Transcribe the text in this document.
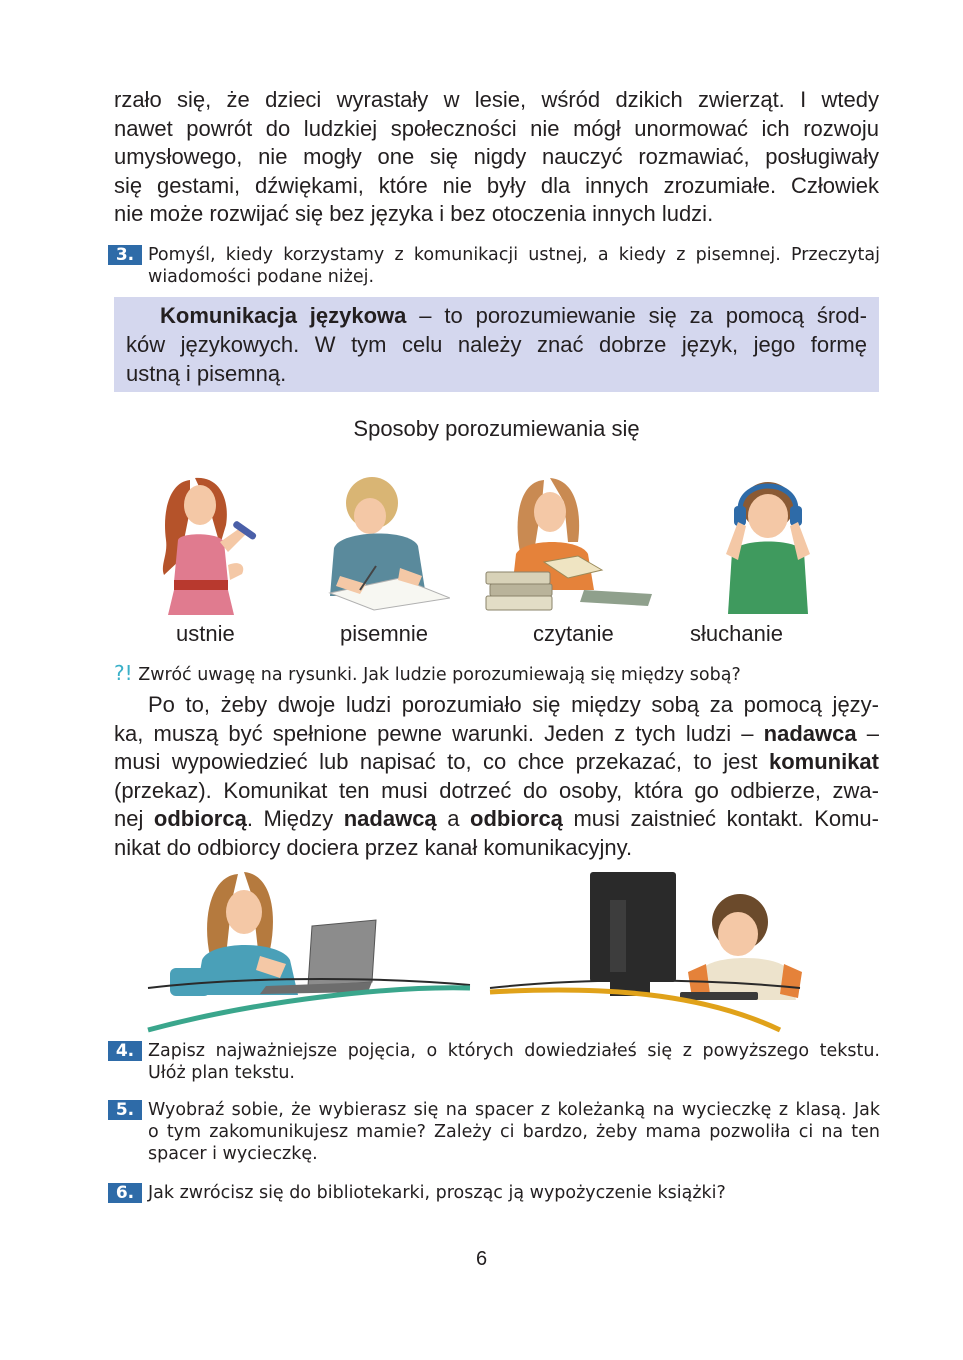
rzało się, że dzieci wyrastały w lesie, wśród dzikich zwierząt. I wtedy
nawet powrót do ludzkiej społeczności nie mógł unormować ich rozwoju
umysłowego, nie mogły one się nigdy nauczyć rozmawiać, posługiwały
się gestami, dźwiękami, które nie były dla innych zrozumiałe. Człowiek
nie może rozwijać się bez języka i bez otoczenia innych ludzi.
3. Pomyśl, kiedy korzystamy z komunikacji ustnej, a kiedy z pisemnej. Przeczytaj
wiadomości podane niżej.
Komunikacja językowa – to porozumiewanie się za pomocą środ-
ków językowych. W tym celu należy znać dobrze język, jego formę
ustną i pisemną.
Sposoby porozumiewania się
ustnie	pisemnie	czytanie	słuchanie
?! Zwróć uwagę na rysunki. Jak ludzie porozumiewają się między sobą?
Po to, żeby dwoje ludzi porozumiało się między sobą za pomocą języ-
ka, muszą być spełnione pewne warunki. Jeden z tych ludzi – nadawca –
musi wypowiedzieć lub napisać to, co chce przekazać, to jest komunikat
(przekaz). Komunikat ten musi dotrzeć do osoby, która go odbierze, zwa-
nej odbiorcą. Między nadawcą a odbiorcą musi zaistnieć kontakt. Komu-
nikat do odbiorcy dociera przez kanał komunikacyjny.
4. Zapisz najważniejsze pojęcia, o których dowiedziałeś się z powyższego tekstu.
Ułóż plan tekstu.
5. Wyobraź sobie, że wybierasz się na spacer z koleżanką na wycieczkę z klasą. Jak
o tym zakomunikujesz mamie? Zależy ci bardzo, żeby mama pozwoliła ci na ten
spacer i wycieczkę.
6. Jak zwrócisz się do bibliotekarki, prosząc ją wypożyczenie książki?
6
